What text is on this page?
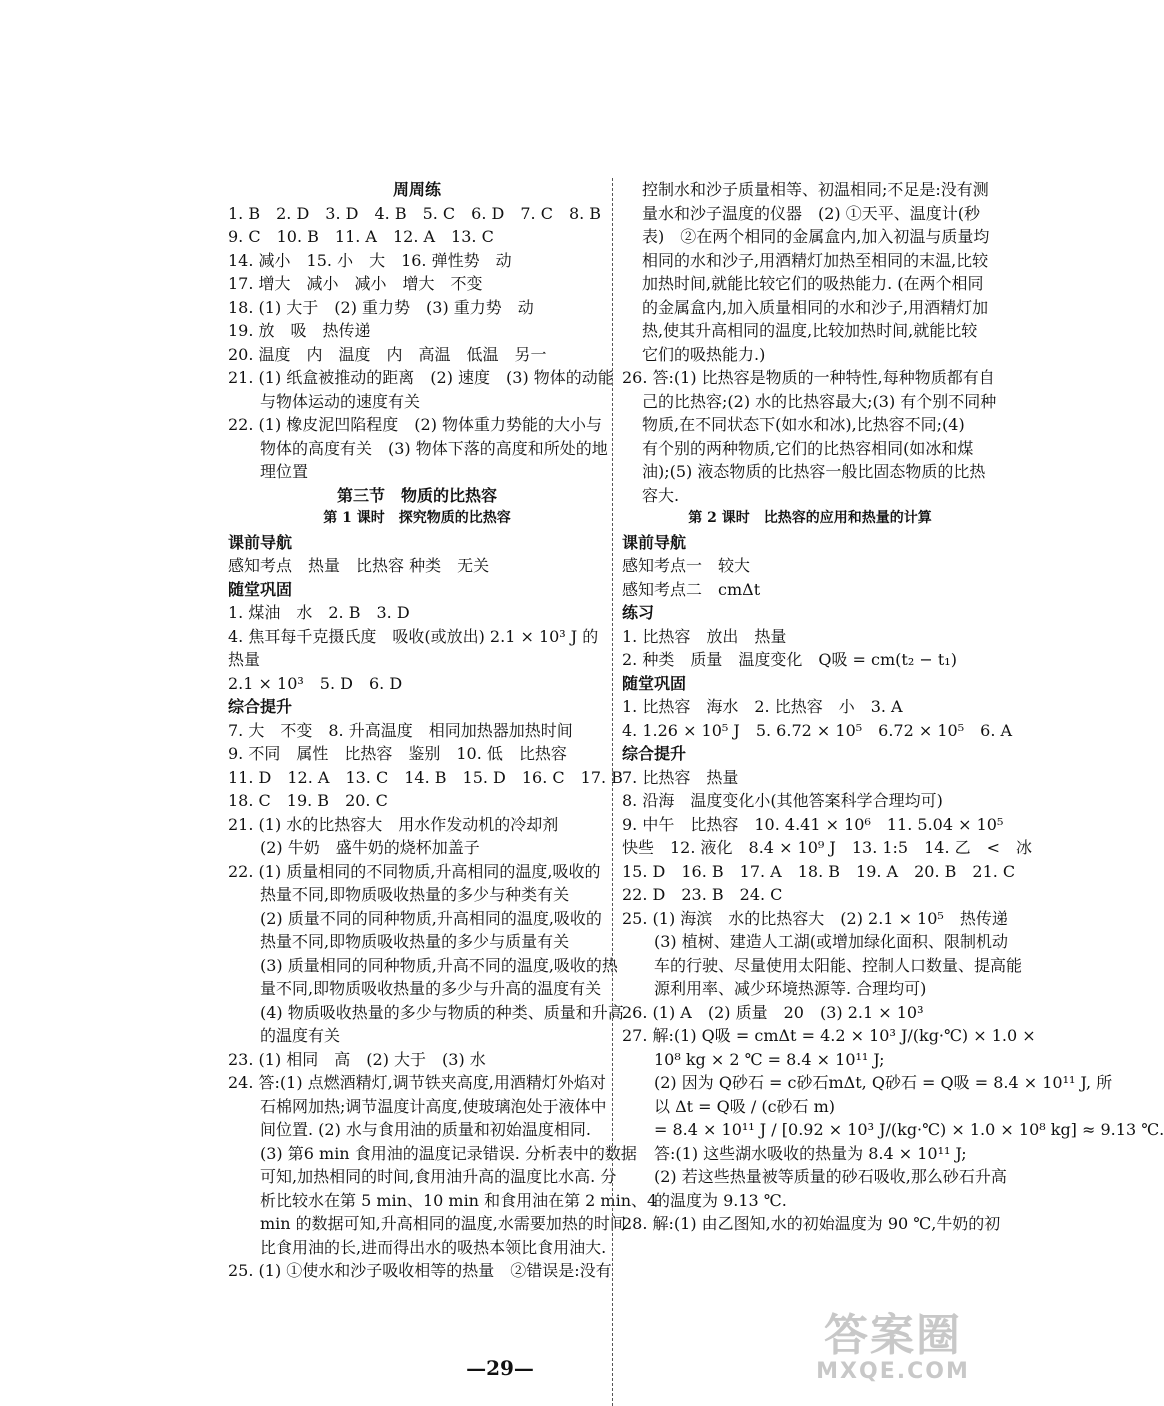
周周练
1. B　2. D　3. D　4. B　5. C　6. D　7. C　8. B
9. C　10. B　11. A　12. A　13. C
14. 减小　15. 小　大　16. 弹性势　动
17. 增大　减小　减小　增大　不变
18. (1) 大于　(2) 重力势　(3) 重力势　动
19. 放　吸　热传递
20. 温度　内　温度　内　高温　低温　另一
21. (1) 纸盒被推动的距离　(2) 速度　(3) 物体的动能
与物体运动的速度有关
22. (1) 橡皮泥凹陷程度　(2) 物体重力势能的大小与
物体的高度有关　(3) 物体下落的高度和所处的地
理位置
第三节　物质的比热容
第 1 课时　探究物质的比热容
课前导航
感知考点　热量　比热容 种类　无关
随堂巩固
1. 煤油　水　2. B　3. D
4. 焦耳每千克摄氏度　吸收(或放出) 2.1 × 10³ J 的
热量
2.1 × 10³　5. D　6. D
综合提升
7. 大　不变　8. 升高温度　相同加热器加热时间
9. 不同　属性　比热容　鉴别　10. 低　比热容
11. D　12. A　13. C　14. B　15. D　16. C　17. B
18. C　19. B　20. C
21. (1) 水的比热容大　用水作发动机的冷却剂
(2) 牛奶　盛牛奶的烧杯加盖子
22. (1) 质量相同的不同物质,升高相同的温度,吸收的
热量不同,即物质吸收热量的多少与种类有关
(2) 质量不同的同种物质,升高相同的温度,吸收的
热量不同,即物质吸收热量的多少与质量有关
(3) 质量相同的同种物质,升高不同的温度,吸收的热
量不同,即物质吸收热量的多少与升高的温度有关
(4) 物质吸收热量的多少与物质的种类、质量和升高
的温度有关
23. (1) 相同　高　(2) 大于　(3) 水
24. 答:(1) 点燃酒精灯,调节铁夹高度,用酒精灯外焰对
石棉网加热;调节温度计高度,使玻璃泡处于液体中
间位置. (2) 水与食用油的质量和初始温度相同.
(3) 第6 min 食用油的温度记录错误. 分析表中的数据
可知,加热相同的时间,食用油升高的温度比水高. 分
析比较水在第 5 min、10 min 和食用油在第 2 min、4
min 的数据可知,升高相同的温度,水需要加热的时间
比食用油的长,进而得出水的吸热本领比食用油大.
25. (1) ①使水和沙子吸收相等的热量　②错误是:没有
控制水和沙子质量相等、初温相同;不足是:没有测
量水和沙子温度的仪器　(2) ①天平、温度计(秒
表)　②在两个相同的金属盒内,加入初温与质量均
相同的水和沙子,用酒精灯加热至相同的末温,比较
加热时间,就能比较它们的吸热能力. (在两个相同
的金属盒内,加入质量相同的水和沙子,用酒精灯加
热,使其升高相同的温度,比较加热时间,就能比较
它们的吸热能力.)
26. 答:(1) 比热容是物质的一种特性,每种物质都有自
己的比热容;(2) 水的比热容最大;(3) 有个别不同种
物质,在不同状态下(如水和冰),比热容不同;(4)
有个别的两种物质,它们的比热容相同(如冰和煤
油);(5) 液态物质的比热容一般比固态物质的比热
容大.
第 2 课时　比热容的应用和热量的计算
课前导航
感知考点一　较大
感知考点二　cmΔt
练习
1. 比热容　放出　热量
2. 种类　质量　温度变化　Q吸 = cm(t₂ − t₁)
随堂巩固
1. 比热容　海水　2. 比热容　小　3. A
4. 1.26 × 10⁵ J　5. 6.72 × 10⁵　6.72 × 10⁵　6. A
综合提升
7. 比热容　热量
8. 沿海　温度变化小(其他答案科学合理均可)
9. 中午　比热容　10. 4.41 × 10⁶　11. 5.04 × 10⁵
快些　12. 液化　8.4 × 10⁹ J　13. 1:5　14. 乙　<　冰
15. D　16. B　17. A　18. B　19. A　20. B　21. C
22. D　23. B　24. C
25. (1) 海滨　水的比热容大　(2) 2.1 × 10⁵　热传递
(3) 植树、建造人工湖(或增加绿化面积、限制机动
车的行驶、尽量使用太阳能、控制人口数量、提高能
源利用率、减少环境热源等. 合理均可)
26. (1) A　(2) 质量　20　(3) 2.1 × 10³
27. 解:(1) Q吸 = cmΔt = 4.2 × 10³ J/(kg·℃) × 1.0 ×
10⁸ kg × 2 ℃ = 8.4 × 10¹¹ J;
(2) 因为 Q砂石 = c砂石mΔt, Q砂石 = Q吸 = 8.4 × 10¹¹ J, 所
以 Δt = Q吸 / (c砂石 m)
= 8.4 × 10¹¹ J / [0.92 × 10³ J/(kg·℃) × 1.0 × 10⁸ kg] ≈ 9.13 ℃.
答:(1) 这些湖水吸收的热量为 8.4 × 10¹¹ J;
(2) 若这些热量被等质量的砂石吸收,那么砂石升高
的温度为 9.13 ℃.
28. 解:(1) 由乙图知,水的初始温度为 90 ℃,牛奶的初
—29—
答案圈
MXQE.COM
